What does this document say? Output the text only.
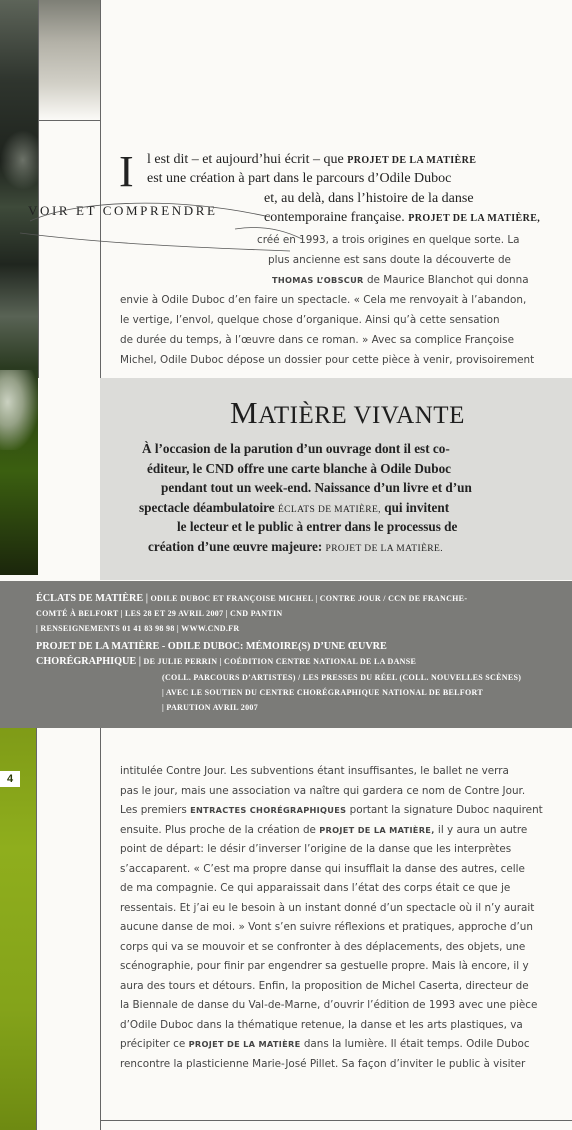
4
VOIR ET COMPRENDRE
I l est dit – et aujourd’hui écrit – que PROJET DE LA MATIÈRE
est une création à part dans le parcours d’Odile Duboc
et, au delà, dans l’histoire de la danse
contemporaine française. PROJET DE LA MATIÈRE,
créé en 1993, a trois origines en quelque sorte. La
plus ancienne est sans doute la découverte de
THOMAS L’OBSCUR de Maurice Blanchot qui donna
envie à Odile Duboc d’en faire un spectacle. « Cela me renvoyait à l’abandon,
le vertige, l’envol, quelque chose d’organique. Ainsi qu’à cette sensation
de durée du temps, à l’œuvre dans ce roman. » Avec sa complice Françoise
Michel, Odile Duboc dépose un dossier pour cette pièce à venir, provisoirement
MATIÈRE VIVANTE
À l’occasion de la parution d’un ouvrage dont il est co-
éditeur, le CND offre une carte blanche à Odile Duboc
pendant tout un week-end. Naissance d’un livre et d’un
spectacle déambulatoire ÉCLATS DE MATIÈRE, qui invitent
le lecteur et le public à entrer dans le processus de
création d’une œuvre majeure: PROJET DE LA MATIÈRE.
ÉCLATS DE MATIÈRE | ODILE DUBOC ET FRANÇOISE MICHEL | CONTRE JOUR / CCN DE FRANCHE-
COMTÉ À BELFORT | LES 28 ET 29 AVRIL 2007 | CND PANTIN
| RENSEIGNEMENTS 01 41 83 98 98 | WWW.CND.FR
PROJET DE LA MATIÈRE - ODILE DUBOC: MÉMOIRE(S) D’UNE ŒUVRE
CHORÉGRAPHIQUE | DE JULIE PERRIN | COÉDITION CENTRE NATIONAL DE LA DANSE
(COLL. PARCOURS D’ARTISTES) / LES PRESSES DU RÉEL (COLL. NOUVELLES SCÈNES)
| AVEC LE SOUTIEN DU CENTRE CHORÉGRAPHIQUE NATIONAL DE BELFORT
| PARUTION AVRIL 2007
intitulée Contre Jour. Les subventions étant insuffisantes, le ballet ne verra
pas le jour, mais une association va naître qui gardera ce nom de Contre Jour.
Les premiers ENTRACTES CHORÉGRAPHIQUES portant la signature Duboc naquirent
ensuite. Plus proche de la création de PROJET DE LA MATIÈRE, il y aura un autre
point de départ: le désir d’inverser l’origine de la danse que les interprètes
s’accaparent. « C’est ma propre danse qui insufflait la danse des autres, celle
de ma compagnie. Ce qui apparaissait dans l’état des corps était ce que je
ressentais. Et j’ai eu le besoin à un instant donné d’un spectacle où il n’y aurait
aucune danse de moi. » Vont s’en suivre réflexions et pratiques, approche d’un
corps qui va se mouvoir et se confronter à des déplacements, des objets, une
scénographie, pour finir par engendrer sa gestuelle propre. Mais là encore, il y
aura des tours et détours. Enfin, la proposition de Michel Caserta, directeur de
la Biennale de danse du Val-de-Marne, d’ouvrir l’édition de 1993 avec une pièce
d’Odile Duboc dans la thématique retenue, la danse et les arts plastiques, va
précipiter ce PROJET DE LA MATIÈRE dans la lumière. Il était temps. Odile Duboc
rencontre la plasticienne Marie-José Pillet. Sa façon d’inviter le public à visiter
